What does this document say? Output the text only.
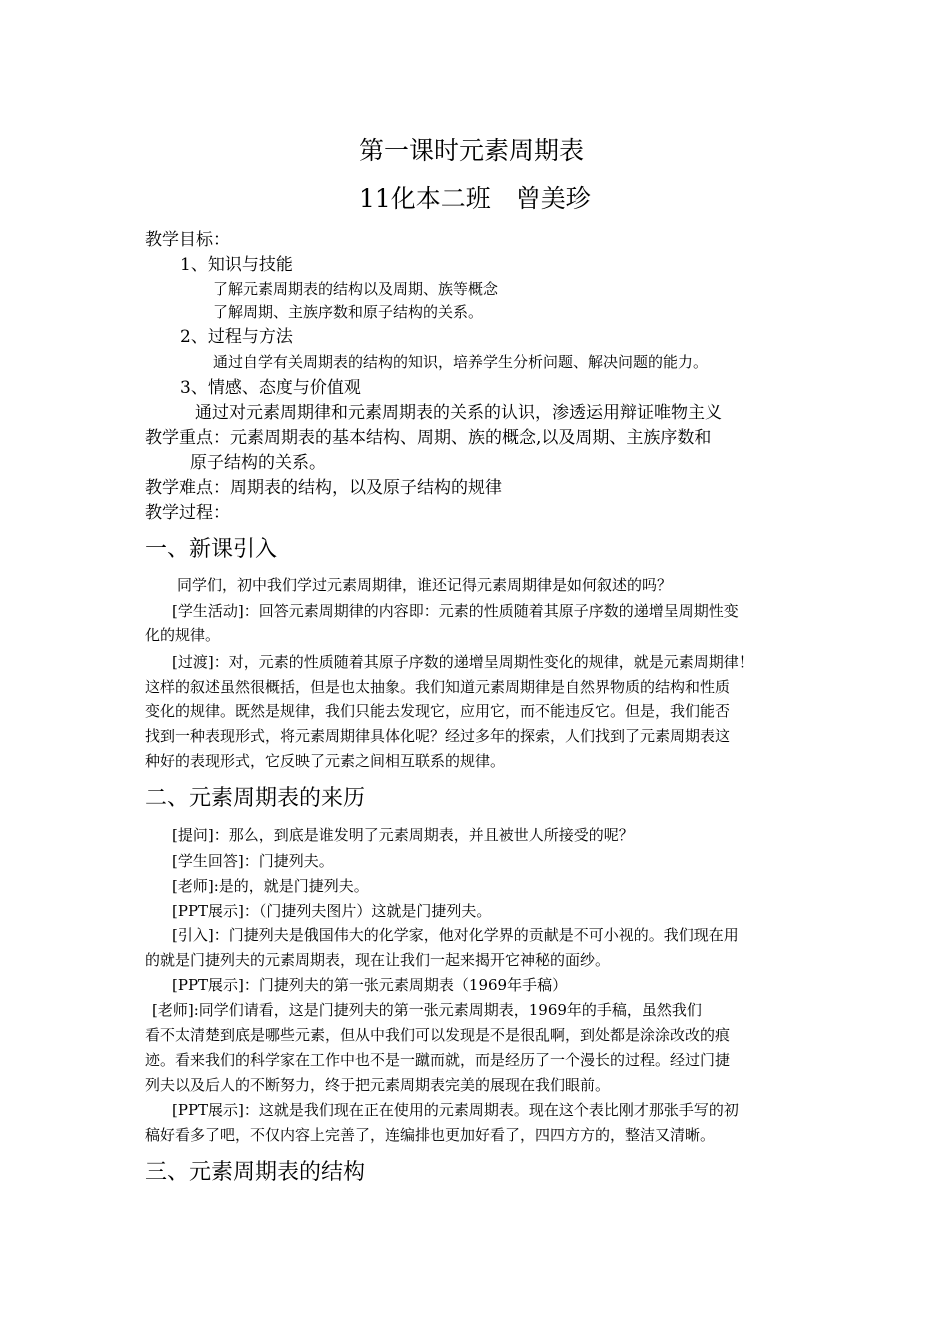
第一课时元素周期表
11化本二班　曾美珍
教学目标：
1、知识与技能
了解元素周期表的结构以及周期、族等概念
了解周期、主族序数和原子结构的关系。
2、过程与方法
通过自学有关周期表的结构的知识，培养学生分析问题、解决问题的能力。
3、情感、态度与价值观
通过对元素周期律和元素周期表的关系的认识，渗透运用辩证唯物主义
教学重点：元素周期表的基本结构、周期、族的概念,以及周期、主族序数和
原子结构的关系。
教学难点：周期表的结构，以及原子结构的规律
教学过程：
一、新课引入
同学们，初中我们学过元素周期律，谁还记得元素周期律是如何叙述的吗？
[学生活动]：回答元素周期律的内容即：元素的性质随着其原子序数的递增呈周期性变
化的规律。
[过渡]：对，元素的性质随着其原子序数的递增呈周期性变化的规律，就是元素周期律！
这样的叙述虽然很概括，但是也太抽象。我们知道元素周期律是自然界物质的结构和性质
变化的规律。既然是规律，我们只能去发现它，应用它，而不能违反它。但是，我们能否
找到一种表现形式，将元素周期律具体化呢？经过多年的探索，人们找到了元素周期表这
种好的表现形式，它反映了元素之间相互联系的规律。
二、元素周期表的来历
[提问]：那么，到底是谁发明了元素周期表，并且被世人所接受的呢？
[学生回答]：门捷列夫。
[老师]:是的，就是门捷列夫。
[PPT展示]：（门捷列夫图片）这就是门捷列夫。
[引入]：门捷列夫是俄国伟大的化学家，他对化学界的贡献是不可小视的。我们现在用
的就是门捷列夫的元素周期表，现在让我们一起来揭开它神秘的面纱。
[PPT展示]：门捷列夫的第一张元素周期表（1969年手稿）
[老师]:同学们请看，这是门捷列夫的第一张元素周期表，1969年的手稿，虽然我们
看不太清楚到底是哪些元素，但从中我们可以发现是不是很乱啊，到处都是涂涂改改的痕
迹。看来我们的科学家在工作中也不是一蹴而就，而是经历了一个漫长的过程。经过门捷
列夫以及后人的不断努力，终于把元素周期表完美的展现在我们眼前。
[PPT展示]：这就是我们现在正在使用的元素周期表。现在这个表比刚才那张手写的初
稿好看多了吧，不仅内容上完善了，连编排也更加好看了，四四方方的，整洁又清晰。
三、元素周期表的结构
